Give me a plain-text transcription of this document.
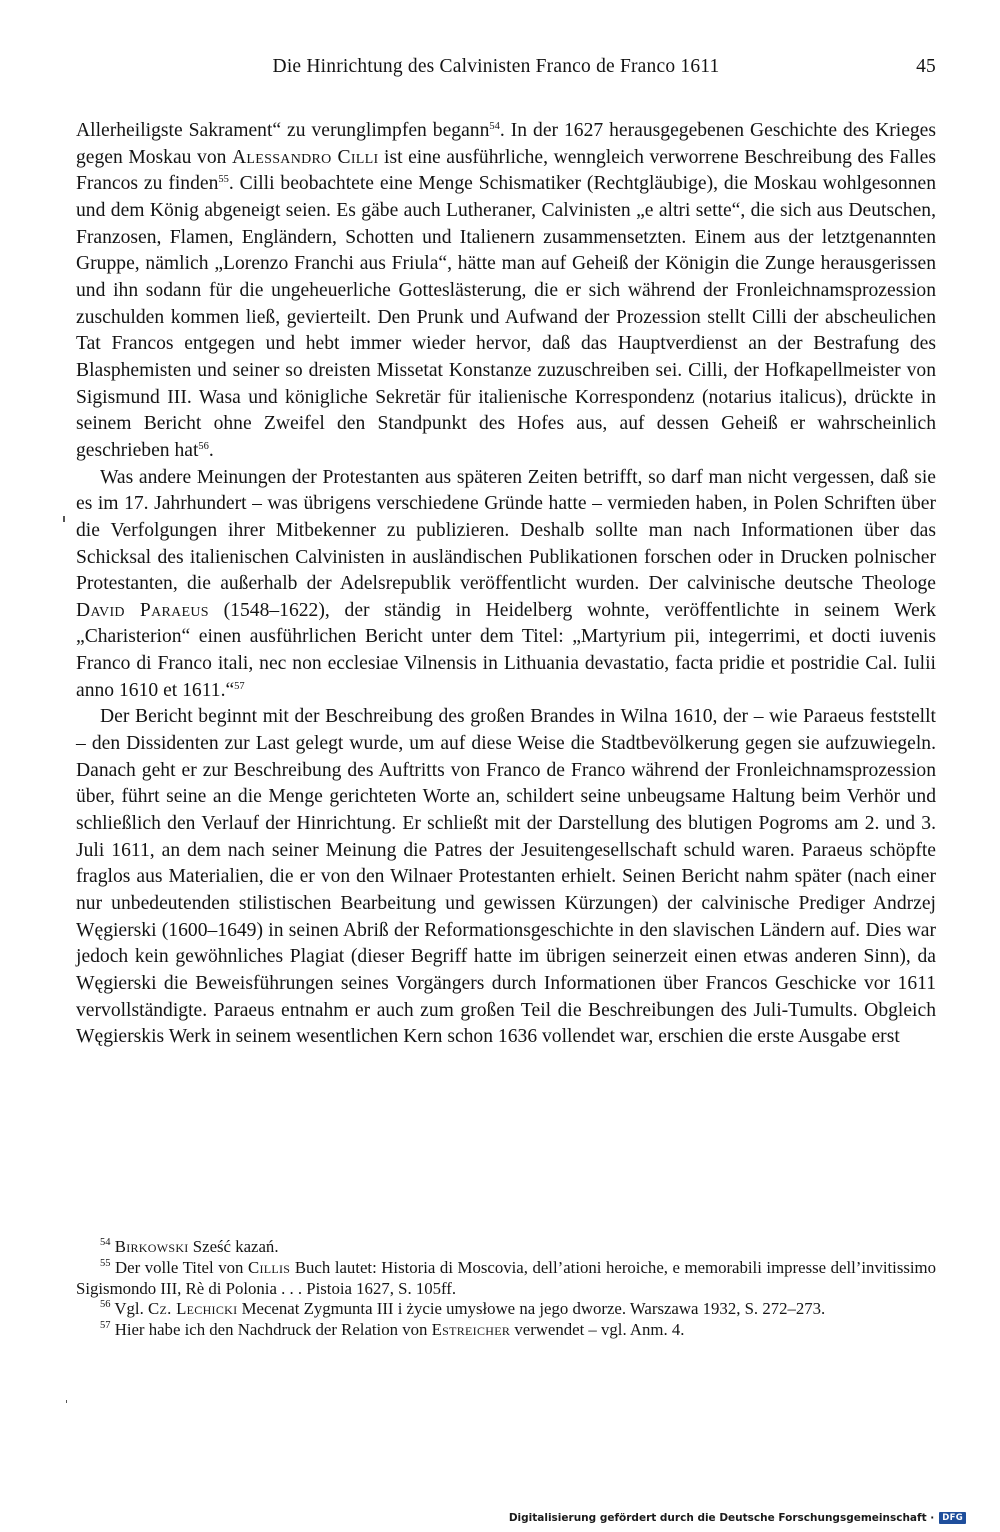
Die Hinrichtung des Calvinisten Franco de Franco 1611	45

Allerheiligste Sakrament“ zu verunglimpfen begann$^{54}$. In der 1627 herausgegebenen Geschichte des Krieges gegen Moskau von Alessandro Cilli ist eine ausführliche, wenngleich verworrene Beschreibung des Falles Francos zu finden$^{55}$. Cilli beobachtete eine Menge Schismatiker (Rechtgläubige), die Moskau wohlgesonnen und dem König abgeneigt seien. Es gäbe auch Lutheraner, Calvinisten „e altri sette“, die sich aus Deutschen, Franzosen, Flamen, Engländern, Schotten und Italienern zusammensetzten. Einem aus der letztgenannten Gruppe, nämlich „Lorenzo Franchi aus Friula“, hätte man auf Geheiß der Königin die Zunge herausgerissen und ihn sodann für die ungeheuerliche Gotteslästerung, die er sich während der Fronleichnamsprozession zuschulden kommen ließ, gevierteilt. Den Prunk und Aufwand der Prozession stellt Cilli der abscheulichen Tat Francos entgegen und hebt immer wieder hervor, daß das Hauptverdienst an der Bestrafung des Blasphemisten und seiner so dreisten Missetat Konstanze zuzuschreiben sei. Cilli, der Hofkapellmeister von Sigismund III. Wasa und königliche Sekretär für italienische Korrespondenz (notarius italicus), drückte in seinem Bericht ohne Zweifel den Standpunkt des Hofes aus, auf dessen Geheiß er wahrscheinlich geschrieben hat$^{56}$.

Was andere Meinungen der Protestanten aus späteren Zeiten betrifft, so darf man nicht vergessen, daß sie es im 17. Jahrhundert – was übrigens verschiedene Gründe hatte – vermieden haben, in Polen Schriften über die Verfolgungen ihrer Mitbekenner zu publizieren. Deshalb sollte man nach Informationen über das Schicksal des italienischen Calvinisten in ausländischen Publikationen forschen oder in Drucken polnischer Protestanten, die außerhalb der Adelsrepublik veröffentlicht wurden. Der calvinische deutsche Theologe David Paraeus (1548–1622), der ständig in Heidelberg wohnte, veröffentlichte in seinem Werk „Charisterion“ einen ausführlichen Bericht unter dem Titel: „Martyrium pii, integerrimi, et docti iuvenis Franco di Franco itali, nec non ecclesiae Vilnensis in Lithuania devastatio, facta pridie et postridie Cal. Iulii anno 1610 et 1611.“$^{57}$

Der Bericht beginnt mit der Beschreibung des großen Brandes in Wilna 1610, der – wie Paraeus feststellt – den Dissidenten zur Last gelegt wurde, um auf diese Weise die Stadtbevölkerung gegen sie aufzuwiegeln. Danach geht er zur Beschreibung des Auftritts von Franco de Franco während der Fronleichnamsprozession über, führt seine an die Menge gerichteten Worte an, schildert seine unbeugsame Haltung beim Verhör und schließlich den Verlauf der Hinrichtung. Er schließt mit der Darstellung des blutigen Pogroms am 2. und 3. Juli 1611, an dem nach seiner Meinung die Patres der Jesuitengesellschaft schuld waren. Paraeus schöpfte fraglos aus Materialien, die er von den Wilnaer Protestanten erhielt. Seinen Bericht nahm später (nach einer nur unbedeutenden stilistischen Bearbeitung und gewissen Kürzungen) der calvinische Prediger Andrzej Węgierski (1600–1649) in seinen Abriß der Reformationsgeschichte in den slavischen Ländern auf. Dies war jedoch kein gewöhnliches Plagiat (dieser Begriff hatte im übrigen seinerzeit einen etwas anderen Sinn), da Węgierski die Beweisführungen seines Vorgängers durch Informationen über Francos Geschicke vor 1611 vervollständigte. Paraeus entnahm er auch zum großen Teil die Beschreibungen des Juli-Tumults. Obgleich Węgierskis Werk in seinem wesentlichen Kern schon 1636 vollendet war, erschien die erste Ausgabe erst

$^{54}$ Birkowski Sześć kazań.

$^{55}$ Der volle Titel von Cillis Buch lautet: Historia di Moscovia, dell’ationi heroiche, e memorabili impresse dell’invitissimo Sigismondo III, Rè di Polonia . . . Pistoia 1627, S. 105ff.

$^{56}$ Vgl. Cz. Lechicki Mecenat Zygmunta III i życie umysłowe na jego dworze. Warszawa 1932, S. 272–273.

$^{57}$ Hier habe ich den Nachdruck der Relation von Estreicher verwendet – vgl. Anm. 4.

Digitalisierung gefördert durch die Deutsche Forschungsgemeinschaft · DFG
